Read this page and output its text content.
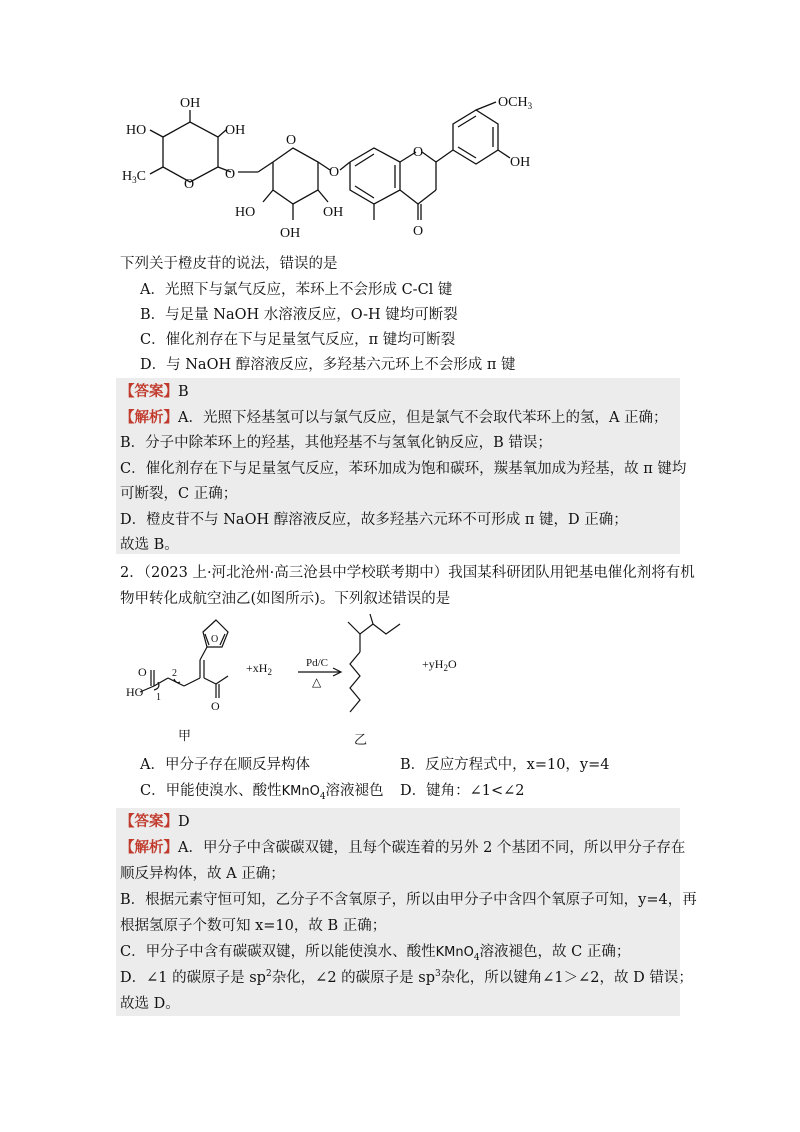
OH
HO	OH
$H_3C$
O
O
O
O
HO
OH
OH
O
O
$OCH_3$
OH
下列关于橙皮苷的说法，错误的是
A．光照下与氯气反应，苯环上不会形成 C-Cl 键
B．与足量 NaOH 水溶液反应，O-H 键均可断裂
C．催化剂存在下与足量氢气反应，π 键均可断裂
D．与 NaOH 醇溶液反应，多羟基六元环上不会形成 π 键
【答案】B
【解析】A．光照下烃基氢可以与氯气反应，但是氯气不会取代苯环上的氢，A 正确；
B．分子中除苯环上的羟基，其他羟基不与氢氧化钠反应，B 错误；
C．催化剂存在下与足量氢气反应，苯环加成为饱和碳环，羰基氧加成为羟基，故 π 键均
可断裂，C 正确；
D．橙皮苷不与 NaOH 醇溶液反应，故多羟基六元环不可形成 π 键，D 正确；
故选 B。
2．（2023 上·河北沧州·高三沧县中学校联考期中）我国某科研团队用钯基电催化剂将有机
物甲转化成航空油乙(如图所示)。下列叙述错误的是
O
HO 1
2
O
O
$+xH_2$
Pd/C
△
$+yH_2O$
甲	乙
A．甲分子存在顺反异构体	B．反应方程式中，x=10，y=4
C．甲能使溴水、酸性KMnO$_4$溶液褪色 D．键角：∠1<∠2
【答案】D
【解析】A．甲分子中含碳碳双键，且每个碳连着的另外 2 个基团不同，所以甲分子存在
顺反异构体，故 A 正确；
B．根据元素守恒可知，乙分子不含氧原子，所以由甲分子中含四个氧原子可知，y=4，再
根据氢原子个数可知 x=10，故 B 正确；
C．甲分子中含有碳碳双键，所以能使溴水、酸性KMnO$_4$溶液褪色，故 C 正确；
D．∠1 的碳原子是 $sp^2$杂化，∠2 的碳原子是 $sp^3$杂化，所以键角∠1＞∠2，故 D 错误；
故选 D。
